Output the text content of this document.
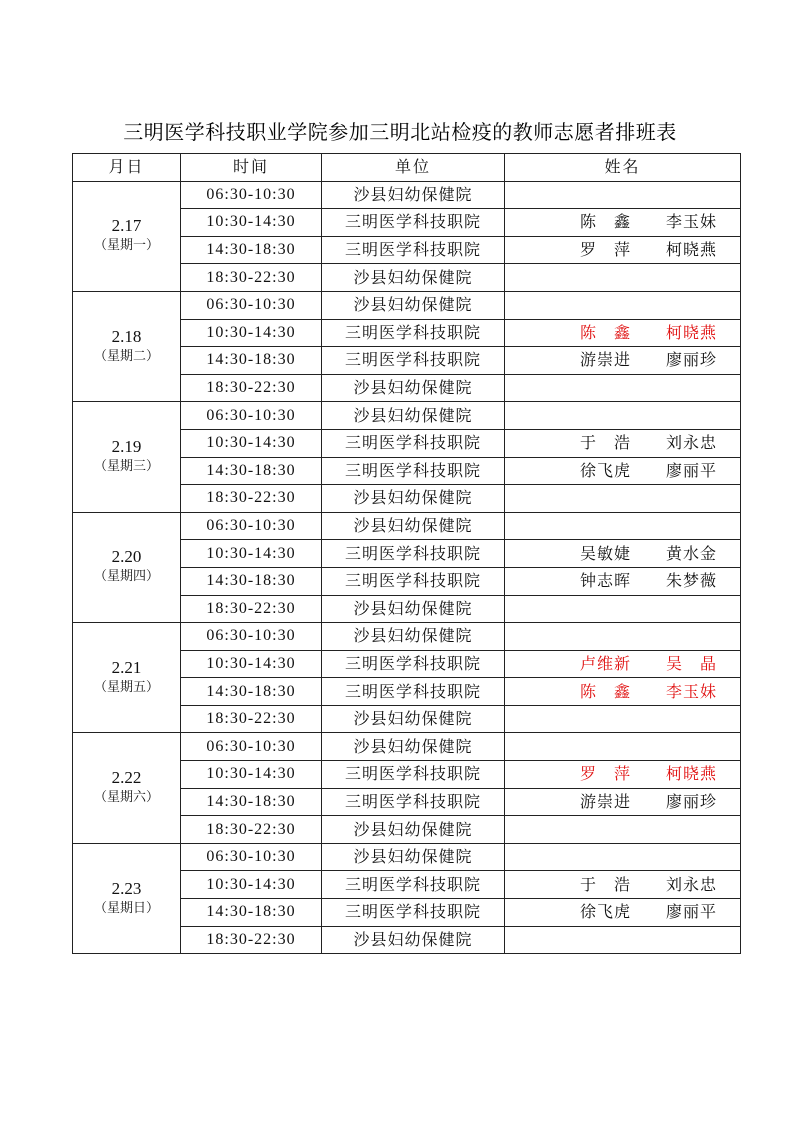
三明医学科技职业学院参加三明北站检疫的教师志愿者排班表
月日	时间	单位	姓名

2.17
（星期一）	06:30-10:30	沙县妇幼保健院	
	10:30-14:30	三明医学科技职院	陈　鑫 李玉妹
	14:30-18:30	三明医学科技职院	罗　萍 柯晓燕
	18:30-22:30	沙县妇幼保健院	

2.18
（星期二）	06:30-10:30	沙县妇幼保健院	
	10:30-14:30	三明医学科技职院	陈　鑫 柯晓燕
	14:30-18:30	三明医学科技职院	游崇进 廖丽珍
	18:30-22:30	沙县妇幼保健院	

2.19
（星期三）	06:30-10:30	沙县妇幼保健院	
	10:30-14:30	三明医学科技职院	于　浩 刘永忠
	14:30-18:30	三明医学科技职院	徐飞虎 廖丽平
	18:30-22:30	沙县妇幼保健院	

2.20
（星期四）	06:30-10:30	沙县妇幼保健院	
	10:30-14:30	三明医学科技职院	吴敏婕 黄水金
	14:30-18:30	三明医学科技职院	钟志晖 朱梦薇
	18:30-22:30	沙县妇幼保健院	

2.21
（星期五）	06:30-10:30	沙县妇幼保健院	
	10:30-14:30	三明医学科技职院	卢维新 吴　晶
	14:30-18:30	三明医学科技职院	陈　鑫 李玉妹
	18:30-22:30	沙县妇幼保健院	

2.22
（星期六）	06:30-10:30	沙县妇幼保健院	
	10:30-14:30	三明医学科技职院	罗　萍 柯晓燕
	14:30-18:30	三明医学科技职院	游崇进 廖丽珍
	18:30-22:30	沙县妇幼保健院	

2.23
（星期日）	06:30-10:30	沙县妇幼保健院	
	10:30-14:30	三明医学科技职院	于　浩 刘永忠
	14:30-18:30	三明医学科技职院	徐飞虎 廖丽平
	18:30-22:30	沙县妇幼保健院	
